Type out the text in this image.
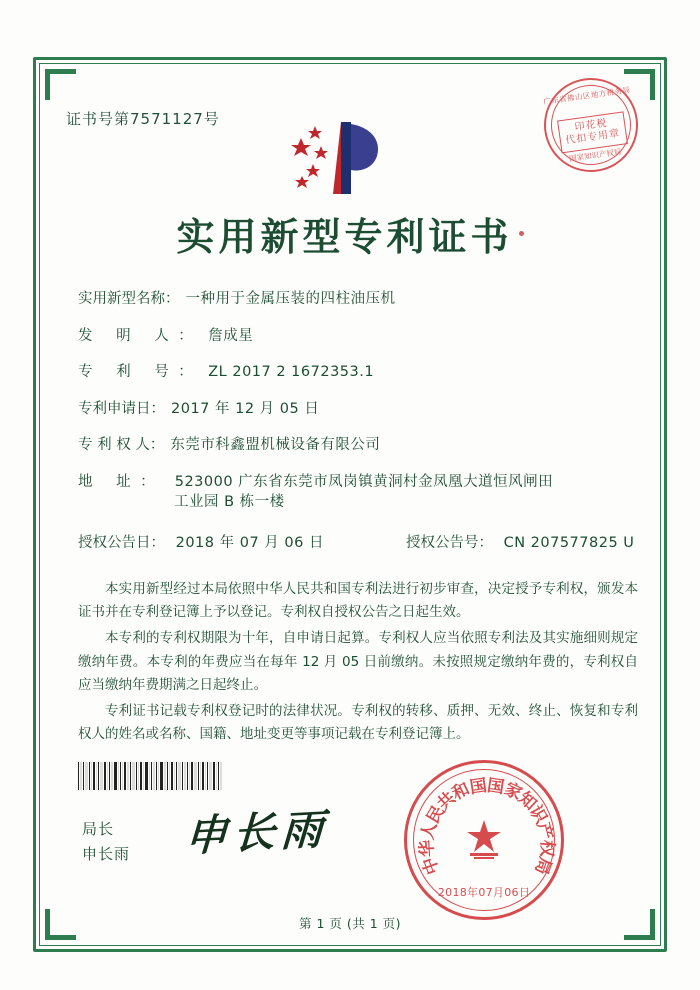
证书号第7571127号
广东省佛山区地方税务局
印花税
代扣专用章
国家知识产权局
实用新型专利证书
实用新型名称： 一种用于金属压装的四柱油压机
发 明 人： 詹成星
专 利 号： ZL 2017 2 1672353.1
专利申请日： 2017 年 12 月 05 日
专 利 权 人： 东莞市科鑫盟机械设备有限公司
地 址： 523000 广东省东莞市凤岗镇黄洞村金凤凰大道恒风闸田
工业园 B 栋一楼
授权公告日： 2018 年 07 月 06 日	授权公告号： CN 207577825 U

本实用新型经过本局依照中华人民共和国专利法进行初步审查，决定授予专利权，颁发本证书并在专利登记簿上予以登记。专利权自授权公告之日起生效。

本专利的专利权期限为十年，自申请日起算。专利权人应当依照专利法及其实施细则规定缴纳年费。本专利的年费应当在每年 12 月 05 日前缴纳。未按照规定缴纳年费的，专利权自应当缴纳年费期满之日起终止。

专利证书记载专利权登记时的法律状况。专利权的转移、质押、无效、终止、恢复和专利权人的姓名或名称、国籍、地址变更等事项记载在专利登记簿上。

局长
申长雨 申长雨
2018年07月06日
中
华
人
民
共
和
国
国
家
知
识
产
权
局
第 1 页 (共 1 页)
